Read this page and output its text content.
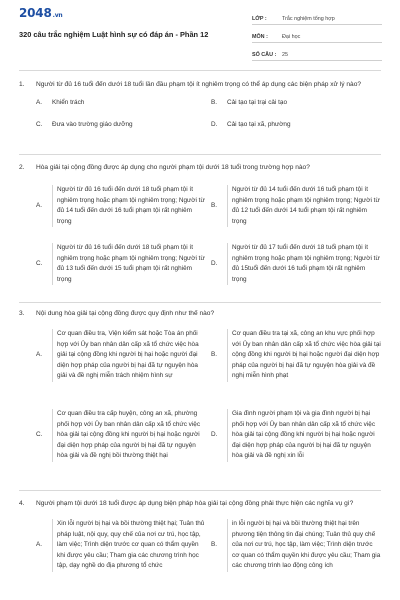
2048.vn
320 câu trắc nghiệm Luật hình sự có đáp án - Phần 12
LỚP :	Trắc nghiệm tổng hợp
MÔN :	Đại học
SỐ CÂU :	25
1.	Người từ đủ 16 tuổi đến dưới 18 tuổi lần đầu phạm tội ít nghiêm trọng có thể áp dụng các biện pháp xử lý nào?
A.	Khiển trách	B.	Cải tạo tại trại cải tạo
C.	Đưa vào trường giáo dưỡng	D.	Cải tạo tại xã, phường
2.	Hòa giải tại cộng đồng được áp dụng cho người phạm tội dưới 18 tuổi trong trường hợp nào?
A.
Người từ đủ 16 tuổi đến dưới 18 tuổi phạm tội ít nghiêm trọng hoặc phạm tội nghiêm trọng; Người từ đủ 14 tuổi đến dưới 16 tuổi phạm tội rất nghiêm trọng
B.
Người từ đủ 14 tuổi đến dưới 16 tuổi phạm tội ít nghiêm trọng hoặc phạm tội nghiêm trọng; Người từ đủ 12 tuổi đến dưới 14 tuổi phạm tội rất nghiêm trọng
C.
Người từ đủ 16 tuổi đến dưới 18 tuổi phạm tội ít nghiêm trọng hoặc phạm tội nghiêm trọng; Người từ đủ 13 tuổi đến dưới 15 tuổi phạm tội rất nghiêm trọng
D.
Người từ đủ 17 tuổi đến dưới 18 tuổi phạm tội ít nghiêm trọng hoặc phạm tội nghiêm trọng; Người từ đủ 15tuổi đến dưới 16 tuổi phạm tội rất nghiêm trọng
3.	Nội dung hòa giải tại cộng đồng được quy định như thế nào?
A.
Cơ quan điều tra, Viện kiểm sát hoặc Tòa án phối hợp với Ủy ban nhân dân cấp xã tổ chức việc hòa giải tại cộng đồng khi người bị hại hoặc người đại diện hợp pháp của người bị hại đã tự nguyện hòa giải và đề nghị miễn trách nhiệm hình sự
B.
Cơ quan điều tra tại xã, công an khu vực phối hợp với Ủy ban nhân dân cấp xã tổ chức việc hòa giải tại cộng đồng khi người bị hại hoặc người đại diện hợp pháp của người bị hại đã tự nguyện hòa giải và đề nghị miễn hình phạt
C.
Cơ quan điều tra cấp huyện, công an xã, phường phối hợp với Ủy ban nhân dân cấp xã tổ chức việc hòa giải tại cộng đồng khi người bị hại hoặc người đại diện hợp pháp của người bị hại đã tự nguyện hòa giải và đề nghị bồi thường thiệt hại
D.
Gia đình người phạm tội và gia đình người bị hại phối hợp với Ủy ban nhân dân cấp xã tổ chức việc hòa giải tại cộng đồng khi người bị hại hoặc người đại diện hợp pháp của người bị hại đã tự nguyện hòa giải và đề nghị xin lỗi
4.	Người phạm tội dưới 18 tuổi được áp dụng biện pháp hòa giải tại cộng đồng phải thực hiện các nghĩa vụ gì?
A.
Xin lỗi người bị hại và bồi thường thiệt hại; Tuân thủ pháp luật, nội quy, quy chế của nơi cư trú, học tập, làm việc; Trình diện trước cơ quan có thẩm quyền khi được yêu cầu; Tham gia các chương trình học tập, dạy nghề do địa phương tổ chức
B.
in lỗi người bị hại và bồi thường thiệt hại trên phương tiện thông tin đại chúng; Tuân thủ quy chế của nơi cư trú, học tập, làm việc; Trình diện trước cơ quan có thẩm quyền khi được yêu cầu; Tham gia các chương trình lao động công ích
